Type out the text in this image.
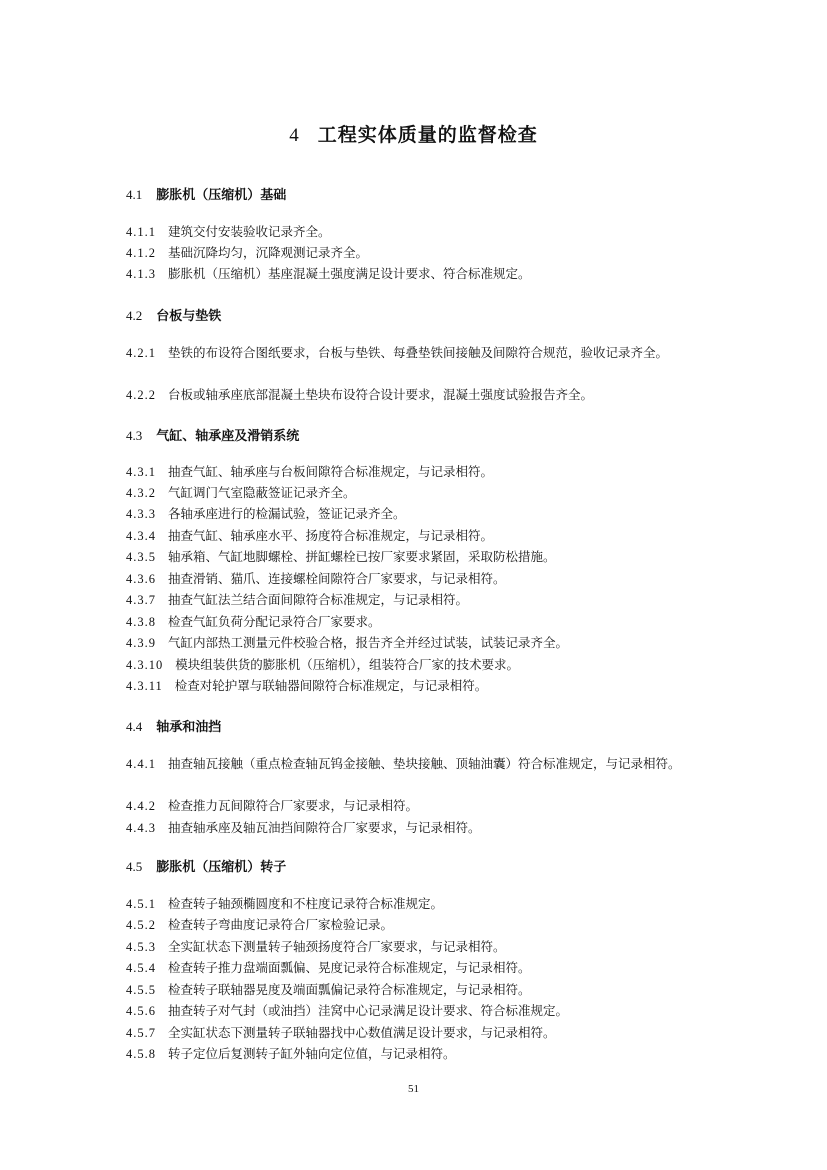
4 工程实体质量的监督检查
4.1 膨胀机（压缩机）基础
4.1.1 建筑交付安装验收记录齐全。
4.1.2 基础沉降均匀，沉降观测记录齐全。
4.1.3 膨胀机（压缩机）基座混凝土强度满足设计要求、符合标准规定。
4.2 台板与垫铁
4.2.1 垫铁的布设符合图纸要求，台板与垫铁、每叠垫铁间接触及间隙符合规范，验收记录齐全。
4.2.2 台板或轴承座底部混凝土垫块布设符合设计要求，混凝土强度试验报告齐全。
4.3 气缸、轴承座及滑销系统
4.3.1 抽查气缸、轴承座与台板间隙符合标准规定，与记录相符。
4.3.2 气缸调门气室隐蔽签证记录齐全。
4.3.3 各轴承座进行的检漏试验，签证记录齐全。
4.3.4 抽查气缸、轴承座水平、扬度符合标准规定，与记录相符。
4.3.5 轴承箱、气缸地脚螺栓、拼缸螺栓已按厂家要求紧固，采取防松措施。
4.3.6 抽查滑销、猫爪、连接螺栓间隙符合厂家要求，与记录相符。
4.3.7 抽查气缸法兰结合面间隙符合标准规定，与记录相符。
4.3.8 检查气缸负荷分配记录符合厂家要求。
4.3.9 气缸内部热工测量元件校验合格，报告齐全并经过试装，试装记录齐全。
4.3.10 模块组装供货的膨胀机（压缩机），组装符合厂家的技术要求。
4.3.11 检查对轮护罩与联轴器间隙符合标准规定，与记录相符。
4.4 轴承和油挡
4.4.1 抽查轴瓦接触（重点检查轴瓦钨金接触、垫块接触、顶轴油囊）符合标准规定，与记录相符。
4.4.2 检查推力瓦间隙符合厂家要求，与记录相符。
4.4.3 抽查轴承座及轴瓦油挡间隙符合厂家要求，与记录相符。
4.5 膨胀机（压缩机）转子
4.5.1 检查转子轴颈椭圆度和不柱度记录符合标准规定。
4.5.2 检查转子弯曲度记录符合厂家检验记录。
4.5.3 全实缸状态下测量转子轴颈扬度符合厂家要求，与记录相符。
4.5.4 检查转子推力盘端面瓢偏、晃度记录符合标准规定，与记录相符。
4.5.5 检查转子联轴器晃度及端面瓢偏记录符合标准规定，与记录相符。
4.5.6 抽查转子对气封（或油挡）洼窝中心记录满足设计要求、符合标准规定。
4.5.7 全实缸状态下测量转子联轴器找中心数值满足设计要求，与记录相符。
4.5.8 转子定位后复测转子缸外轴向定位值，与记录相符。
51
